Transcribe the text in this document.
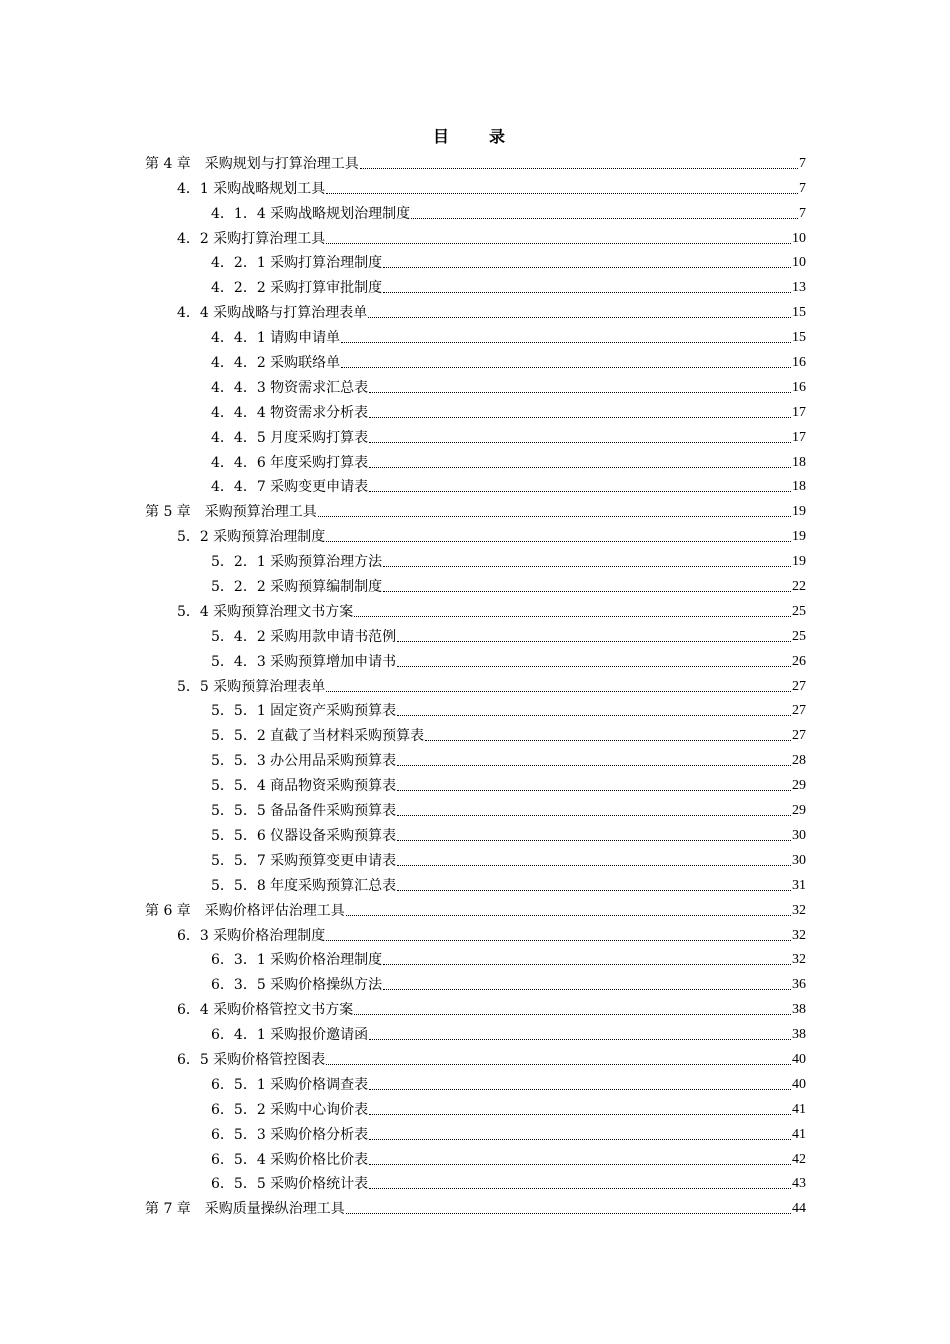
目　录
第 4 章　采购规划与打算治理工具	7
4．1 采购战略规划工具	7
4．1．4 采购战略规划治理制度	7
4．2 采购打算治理工具	10
4．2．1 采购打算治理制度	10
4．2．2 采购打算审批制度	13
4．4 采购战略与打算治理表单	15
4．4．1 请购申请单	15
4．4．2 采购联络单	16
4．4．3 物资需求汇总表	16
4．4．4 物资需求分析表	17
4．4．5 月度采购打算表	17
4．4．6 年度采购打算表	18
4．4．7 采购变更申请表	18
第 5 章　采购预算治理工具	19
5．2 采购预算治理制度	19
5．2．1 采购预算治理方法	19
5．2．2 采购预算编制制度	22
5．4 采购预算治理文书方案	25
5．4．2 采购用款申请书范例	25
5．4．3 采购预算增加申请书	26
5．5 采购预算治理表单	27
5．5．1 固定资产采购预算表	27
5．5．2 直截了当材料采购预算表	27
5．5．3 办公用品采购预算表	28
5．5．4 商品物资采购预算表	29
5．5．5 备品备件采购预算表	29
5．5．6 仪器设备采购预算表	30
5．5．7 采购预算变更申请表	30
5．5．8 年度采购预算汇总表	31
第 6 章　采购价格评估治理工具	32
6．3 采购价格治理制度	32
6．3．1 采购价格治理制度	32
6．3．5 采购价格操纵方法	36
6．4 采购价格管控文书方案	38
6．4．1 采购报价邀请函	38
6．5 采购价格管控图表	40
6．5．1 采购价格调查表	40
6．5．2 采购中心询价表	41
6．5．3 采购价格分析表	41
6．5．4 采购价格比价表	42
6．5．5 采购价格统计表	43
第 7 章　采购质量操纵治理工具	44
